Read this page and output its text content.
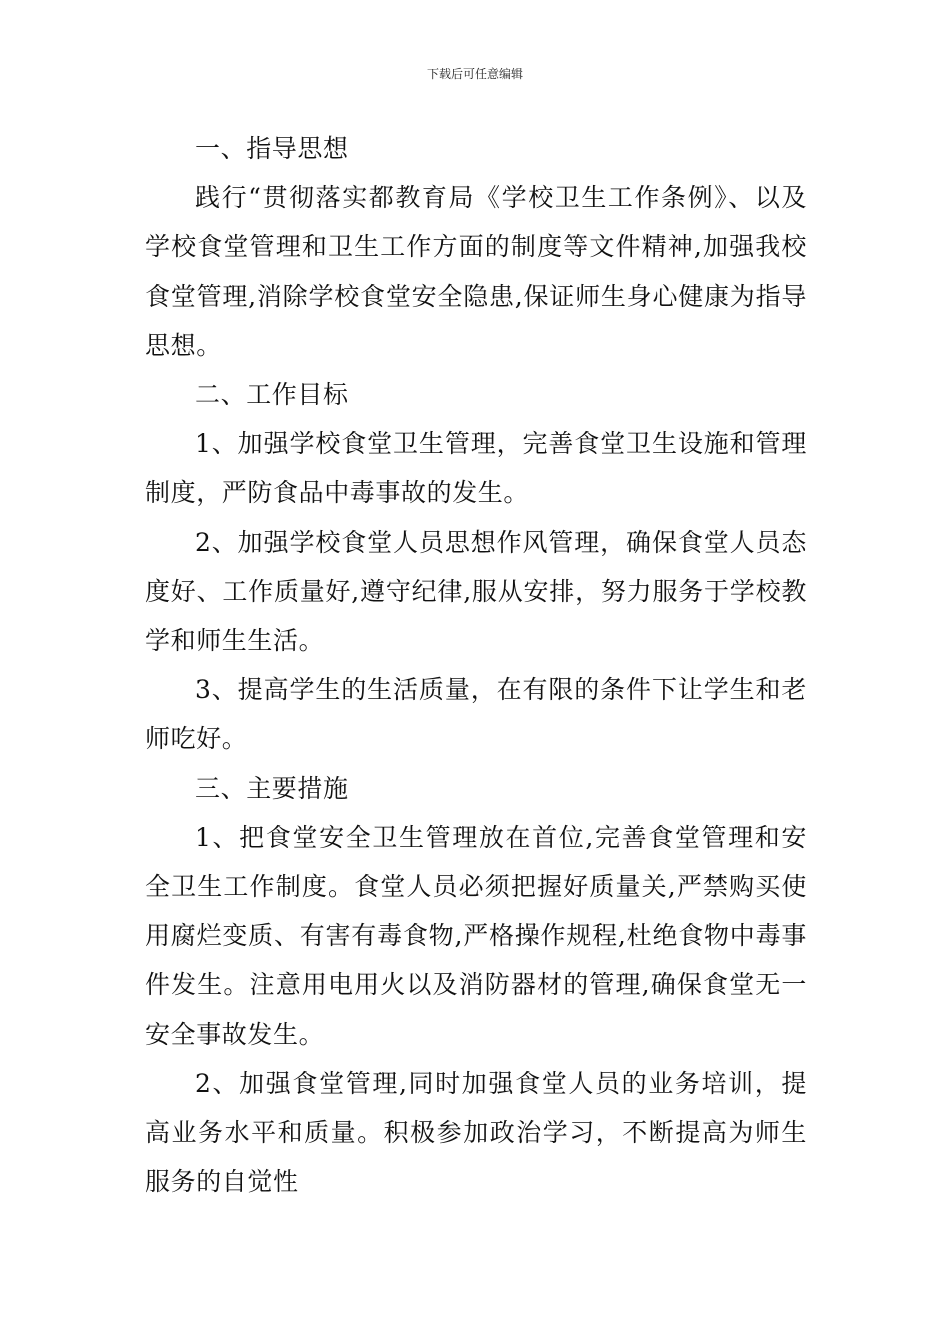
下载后可任意编辑

一、指导思想

践行“贯彻落实都教育局《学校卫生工作条例》、以及学校食堂管理和卫生工作方面的制度等文件精神,加强我校食堂管理,消除学校食堂安全隐患,保证师生身心健康为指导思想。

二、工作目标

1、加强学校食堂卫生管理，完善食堂卫生设施和管理制度，严防食品中毒事故的发生。

2、加强学校食堂人员思想作风管理，确保食堂人员态度好、工作质量好,遵守纪律,服从安排，努力服务于学校教学和师生生活。

3、提高学生的生活质量，在有限的条件下让学生和老师吃好。

三、主要措施

1、把食堂安全卫生管理放在首位,完善食堂管理和安全卫生工作制度。食堂人员必须把握好质量关,严禁购买使用腐烂变质、有害有毒食物,严格操作规程,杜绝食物中毒事件发生。注意用电用火以及消防器材的管理,确保食堂无一安全事故发生。

2、加强食堂管理,同时加强食堂人员的业务培训，提高业务水平和质量。积极参加政治学习，不断提高为师生服务的自觉性
